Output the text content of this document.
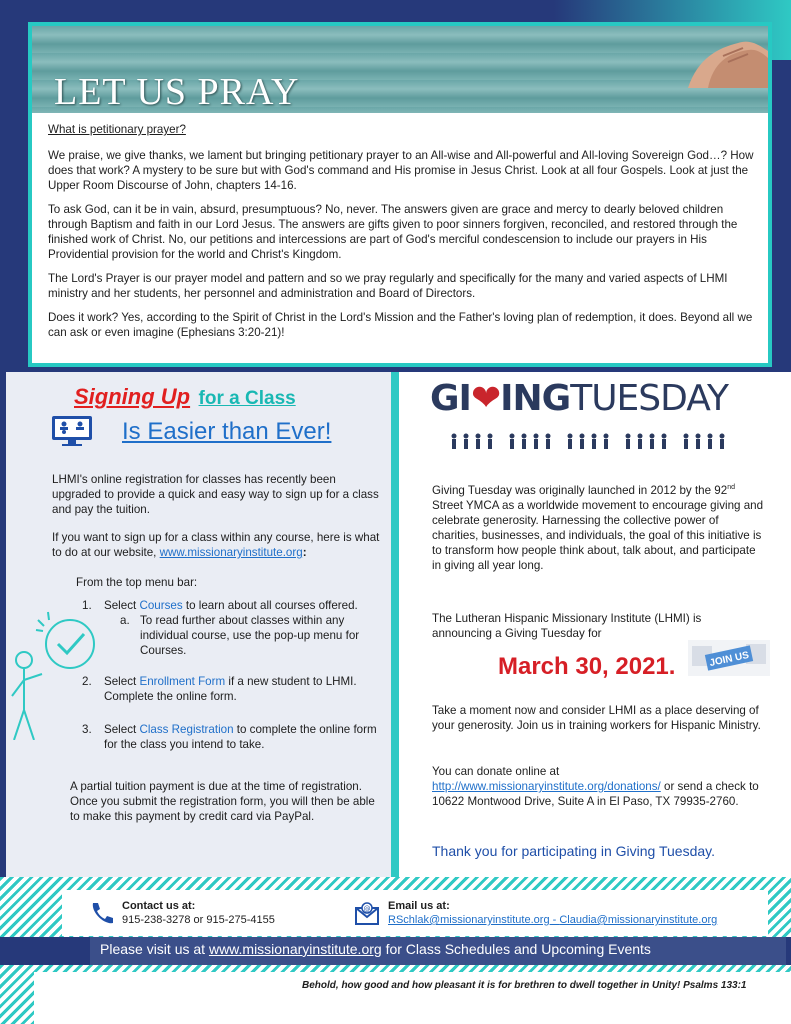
LET US PRAY

What is petitionary prayer?

We praise, we give thanks, we lament but bringing petitionary prayer to an All-wise and All-powerful and All-loving Sovereign God…? How does that work? A mystery to be sure but with God's command and His promise in Jesus Christ. Look at all four Gospels. Look at just the Upper Room Discourse of John, chapters 14-16.

To ask God, can it be in vain, absurd, presumptuous? No, never. The answers given are grace and mercy to dearly beloved children through Baptism and faith in our Lord Jesus. The answers are gifts given to poor sinners forgiven, reconciled, and restored through the finished work of Christ. No, our petitions and intercessions are part of God's merciful condescension to include our prayers in His Providential provision for the world and Christ's Kingdom.

The Lord's Prayer is our prayer model and pattern and so we pray regularly and specifically for the many and varied aspects of LHMI ministry and her students, her personnel and administration and Board of Directors.

Does it work? Yes, according to the Spirit of Christ in the Lord's Mission and the Father's loving plan of redemption, it does. Beyond all we can ask or even imagine (Ephesians 3:20-21)!

Signing Up for a Class
Is Easier than Ever!
LHMI's online registration for classes has recently been upgraded to provide a quick and easy way to sign up for a class and pay the tuition.
If you want to sign up for a class within any course, here is what to do at our website, www.missionaryinstitute.org:
From the top menu bar:
1. Select Courses to learn about all courses offered.
a. To read further about classes within any individual course, use the pop-up menu for Courses.
2. Select Enrollment Form if a new student to LHMI. Complete the online form.
3. Select Class Registration to complete the online form for the class you intend to take.
A partial tuition payment is due at the time of registration. Once you submit the registration form, you will then be able to make this payment by credit card via PayPal.
GI❤INGTUESDAY
Giving Tuesday was originally launched in 2012 by the 92nd Street YMCA as a worldwide movement to encourage giving and celebrate generosity. Harnessing the collective power of charities, businesses, and individuals, the goal of this initiative is to transform how people think about, talk about, and participate in giving all year long.
The Lutheran Hispanic Missionary Institute (LHMI) is announcing a Giving Tuesday for
March 30, 2021.	JOIN US
Take a moment now and consider LHMI as a place deserving of your generosity. Join us in training workers for Hispanic Ministry.
You can donate online at
http://www.missionaryinstitute.org/donations/ or send a check to 10622 Montwood Drive, Suite A in El Paso, TX 79935-2760.
Thank you for participating in Giving Tuesday.
Contact us at:
915-238-3278 or 915-275-4155
@ Email us at:
RSchlak@missionaryinstitute.org - Claudia@missionaryinstitute.org
Please visit us at www.missionaryinstitute.org for Class Schedules and Upcoming Events
Behold, how good and how pleasant it is for brethren to dwell together in Unity! Psalms 133:1
